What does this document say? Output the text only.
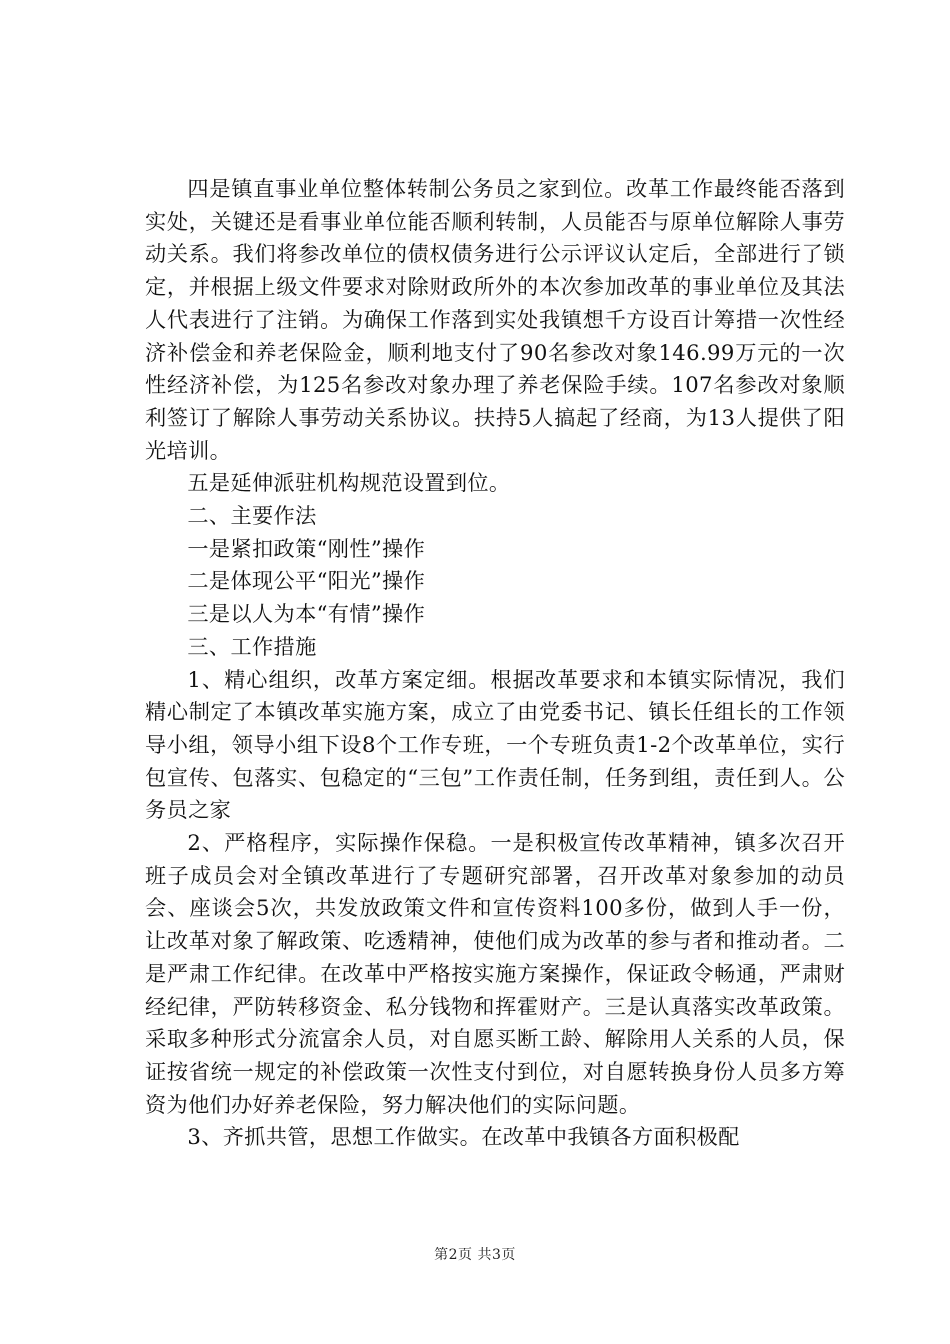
四是镇直事业单位整体转制公务员之家到位。改革工作最终能否落到实处，关键还是看事业单位能否顺利转制，人员能否与原单位解除人事劳动关系。我们将参改单位的债权债务进行公示评议认定后，全部进行了锁定，并根据上级文件要求对除财政所外的本次参加改革的事业单位及其法人代表进行了注销。为确保工作落到实处我镇想千方设百计筹措一次性经济补偿金和养老保险金，顺利地支付了90名参改对象146.99万元的一次性经济补偿，为125名参改对象办理了养老保险手续。107名参改对象顺利签订了解除人事劳动关系协议。扶持5人搞起了经商，为13人提供了阳光培训。

五是延伸派驻机构规范设置到位。

二、主要作法

一是紧扣政策“刚性”操作

二是体现公平“阳光”操作

三是以人为本“有情”操作

三、工作措施

1、精心组织，改革方案定细。根据改革要求和本镇实际情况，我们精心制定了本镇改革实施方案，成立了由党委书记、镇长任组长的工作领导小组，领导小组下设8个工作专班，一个专班负责1-2个改革单位，实行包宣传、包落实、包稳定的“三包”工作责任制，任务到组，责任到人。公务员之家

2、严格程序，实际操作保稳。一是积极宣传改革精神，镇多次召开班子成员会对全镇改革进行了专题研究部署，召开改革对象参加的动员会、座谈会5次，共发放政策文件和宣传资料100多份，做到人手一份，让改革对象了解政策、吃透精神，使他们成为改革的参与者和推动者。二是严肃工作纪律。在改革中严格按实施方案操作，保证政令畅通，严肃财经纪律，严防转移资金、私分钱物和挥霍财产。三是认真落实改革政策。采取多种形式分流富余人员，对自愿买断工龄、解除用人关系的人员，保证按省统一规定的补偿政策一次性支付到位，对自愿转换身份人员多方筹资为他们办好养老保险，努力解决他们的实际问题。

3、齐抓共管，思想工作做实。在改革中我镇各方面积极配

第2页 共3页
